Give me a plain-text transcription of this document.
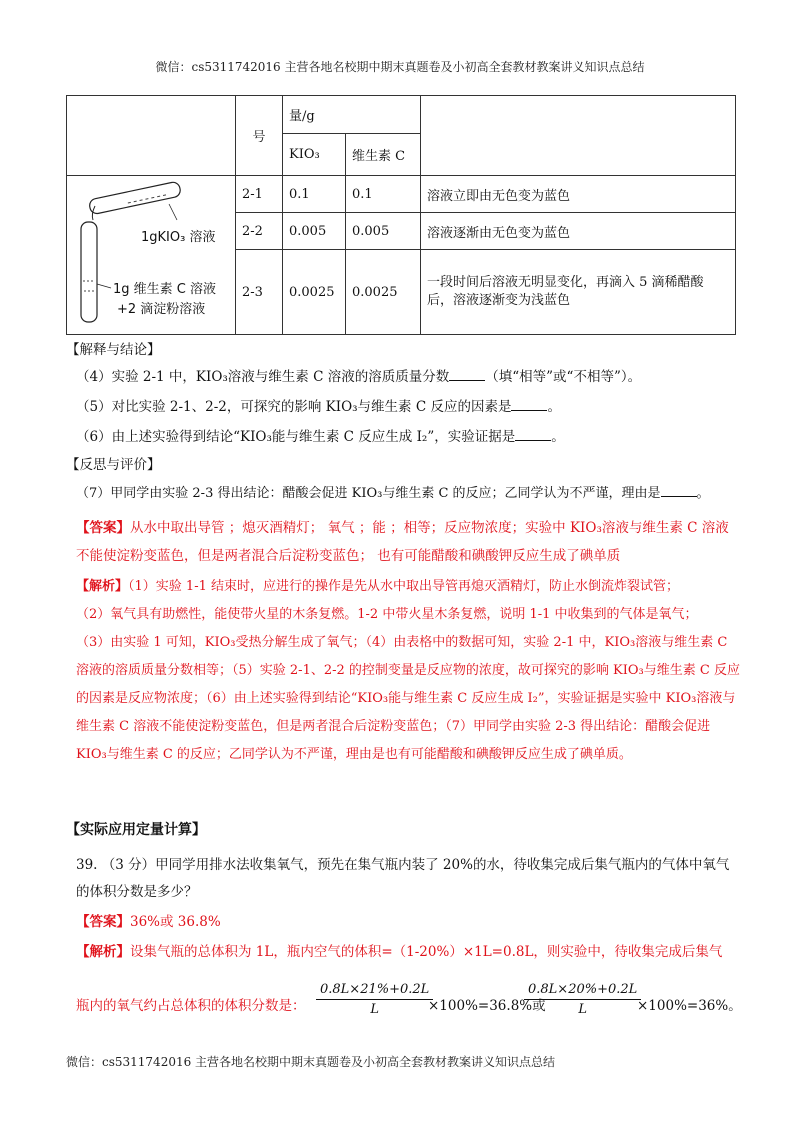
微信：cs5311742016 主营各地名校期中期末真题卷及小初高全套教材教案讲义知识点总结
	号	量/g		
		KIO₃	维生素 C	

1gKIO₃ 溶液
1g 维生素 C 溶液
+2 滴淀粉溶液	2-1	0.1	0.1	溶液立即由无色变为蓝色
	2-2	0.005	0.005	溶液逐渐由无色变为蓝色
	2-3	0.0025	0.0025	一段时间后溶液无明显变化，再滴入 5 滴稀醋酸后，溶液逐渐变为浅蓝色
【解释与结论】
（4）实验 2-1 中，KIO₃溶液与维生素 C 溶液的溶质质量分数	（填“相等”或“不相等”）。
（5）对比实验 2-1、2-2，可探究的影响 KIO₃与维生素 C 反应的因素是	。
（6）由上述实验得到结论“KIO₃能与维生素 C 反应生成 I₂”，实验证据是	。
【反思与评价】
（7）甲同学由实验 2-3 得出结论：醋酸会促进 KIO₃与维生素 C 的反应；乙同学认为不严谨，理由是	。
【答案】从水中取出导管 ；熄灭酒精灯； 氧气 ；能 ；相等；反应物浓度；实验中 KIO₃溶液与维生素 C 溶液不能使淀粉变蓝色，但是两者混合后淀粉变蓝色； 也有可能醋酸和碘酸钾反应生成了碘单质
【解析】（1）实验 1-1 结束时，应进行的操作是先从水中取出导管再熄灭酒精灯，防止水倒流炸裂试管；
（2）氧气具有助燃性，能使带火星的木条复燃。1-2 中带火星木条复燃，说明 1-1 中收集到的气体是氧气；
（3）由实验 1 可知，KIO₃受热分解生成了氧气；（4）由表格中的数据可知，实验 2-1 中，KIO₃溶液与维生素 C 溶液的溶质质量分数相等；（5）实验 2-1、2-2 的控制变量是反应物的浓度，故可探究的影响 KIO₃与维生素 C 反应的因素是反应物浓度；（6）由上述实验得到结论“KIO₃能与维生素 C 反应生成 I₂”，实验证据是实验中 KIO₃溶液与维生素 C 溶液不能使淀粉变蓝色，但是两者混合后淀粉变蓝色；（7）甲同学由实验 2-3 得出结论：醋酸会促进 KIO₃与维生素 C 的反应；乙同学认为不严谨，理由是也有可能醋酸和碘酸钾反应生成了碘单质。
【实际应用定量计算】
39. （3 分）甲同学用排水法收集氧气，预先在集气瓶内装了 20%的水，待收集完成后集气瓶内的气体中氧气的体积分数是多少？
【答案】36%或 36.8%
【解析】设集气瓶的总体积为 1L，瓶内空气的体积=（1-20%）×1L=0.8L，则实验中，待收集完成后集气
瓶内的氧气约占总体积的体积分数是：
0.8L×21%+0.2L
L	×100%=36.8%或
0.8L×20%+0.2L
L	×100%=36%。
微信：cs5311742016 主营各地名校期中期末真题卷及小初高全套教材教案讲义知识点总结
